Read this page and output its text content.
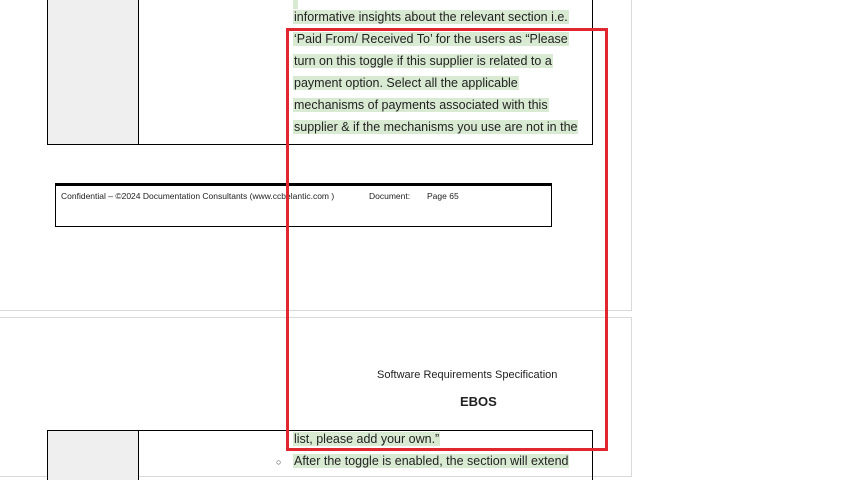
informative insights about the relevant section i.e.
‘Paid From/ Received To’ for the users as “Please
turn on this toggle if this supplier is related to a
payment option. Select all the applicable
mechanisms of payments associated with this
supplier & if the mechanisms you use are not in the
Confidential – ©2024 Documentation Consultants (www.ccbelantic.com )	Document: Page 65
Software Requirements Specification
EBOS
list, please add your own.”
○ After the toggle is enabled, the section will extend
